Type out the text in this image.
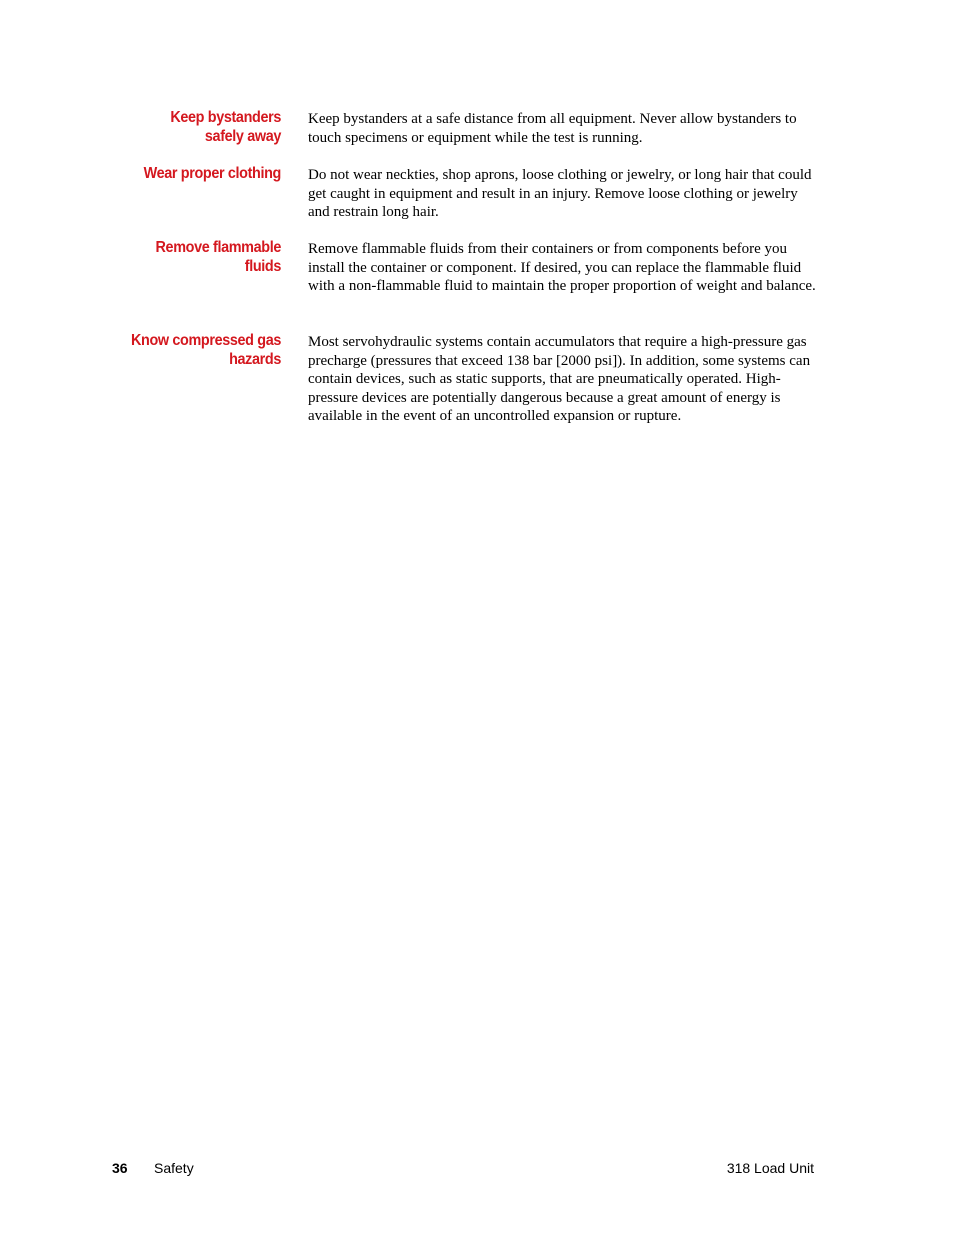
Keep bystanders
safely away
Keep bystanders at a safe distance from all equipment. Never allow bystanders to touch specimens or equipment while the test is running.
Wear proper clothing Do not wear neckties, shop aprons, loose clothing or jewelry, or long hair that could get caught in equipment and result in an injury. Remove loose clothing or jewelry and restrain long hair.
Remove flammable
fluids
Remove flammable fluids from their containers or from components before you install the container or component. If desired, you can replace the flammable fluid with a non-flammable fluid to maintain the proper proportion of weight and balance.
Know compressed gas
hazards
Most servohydraulic systems contain accumulators that require a high-pressure gas precharge (pressures that exceed 138 bar [2000 psi]). In addition, some systems can contain devices, such as static supports, that are pneumatically operated. High-pressure devices are potentially dangerous because a great amount of energy is available in the event of an uncontrolled expansion or rupture.
36 Safety	318 Load Unit
